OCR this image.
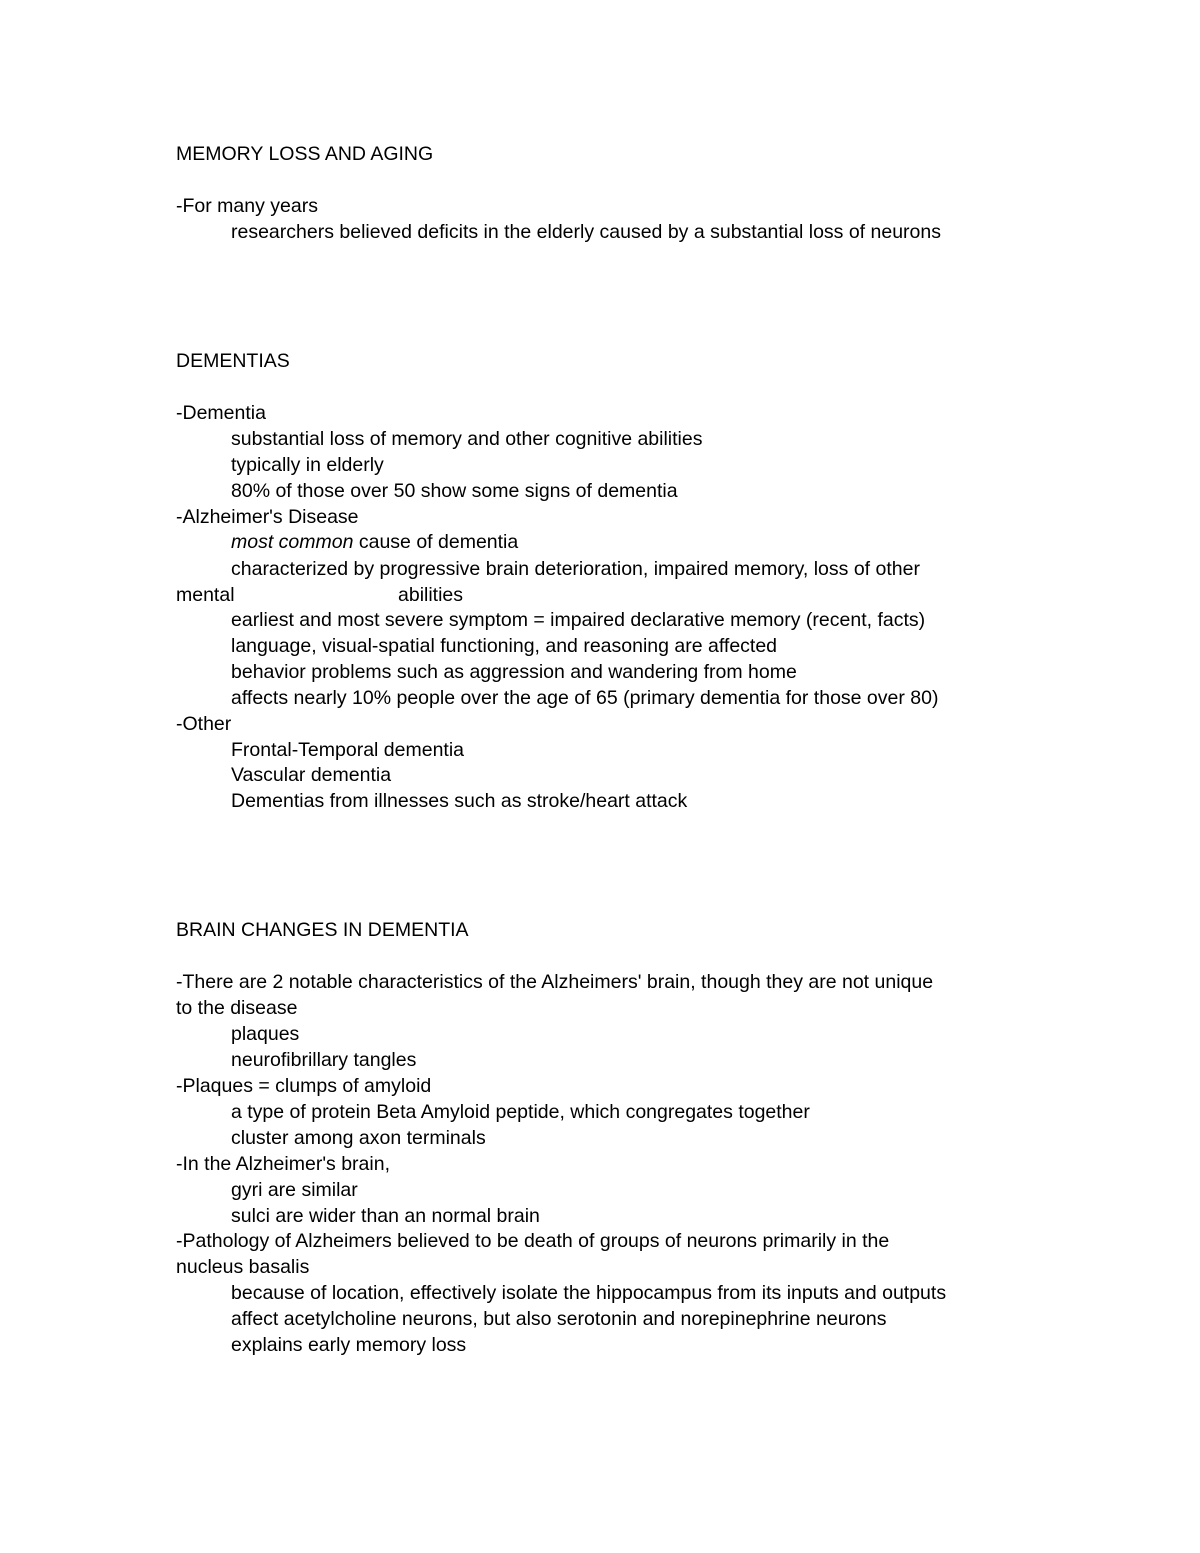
MEMORY LOSS AND AGING
-For many years
researchers believed deficits in the elderly caused by a substantial loss of neurons
DEMENTIAS
-Dementia
substantial loss of memory and other cognitive abilities
typically in elderly
80% of those over 50 show some signs of dementia
-Alzheimer's Disease
most common cause of dementia
characterized by progressive brain deterioration, impaired memory, loss of other
mental	abilities
earliest and most severe symptom = impaired declarative memory (recent, facts)
language, visual-spatial functioning, and reasoning are affected
behavior problems such as aggression and wandering from home
affects nearly 10% people over the age of 65 (primary dementia for those over 80)
-Other
Frontal-Temporal dementia
Vascular dementia
Dementias from illnesses such as stroke/heart attack
BRAIN CHANGES IN DEMENTIA
-There are 2 notable characteristics of the Alzheimers' brain, though they are not unique
to the disease
plaques
neurofibrillary tangles
-Plaques = clumps of amyloid
a type of protein Beta Amyloid peptide, which congregates together
cluster among axon terminals
-In the Alzheimer's brain,
gyri are similar
sulci are wider than an normal brain
-Pathology of Alzheimers believed to be death of groups of neurons primarily in the
nucleus basalis
because of location, effectively isolate the hippocampus from its inputs and outputs
affect acetylcholine neurons, but also serotonin and norepinephrine neurons
explains early memory loss
